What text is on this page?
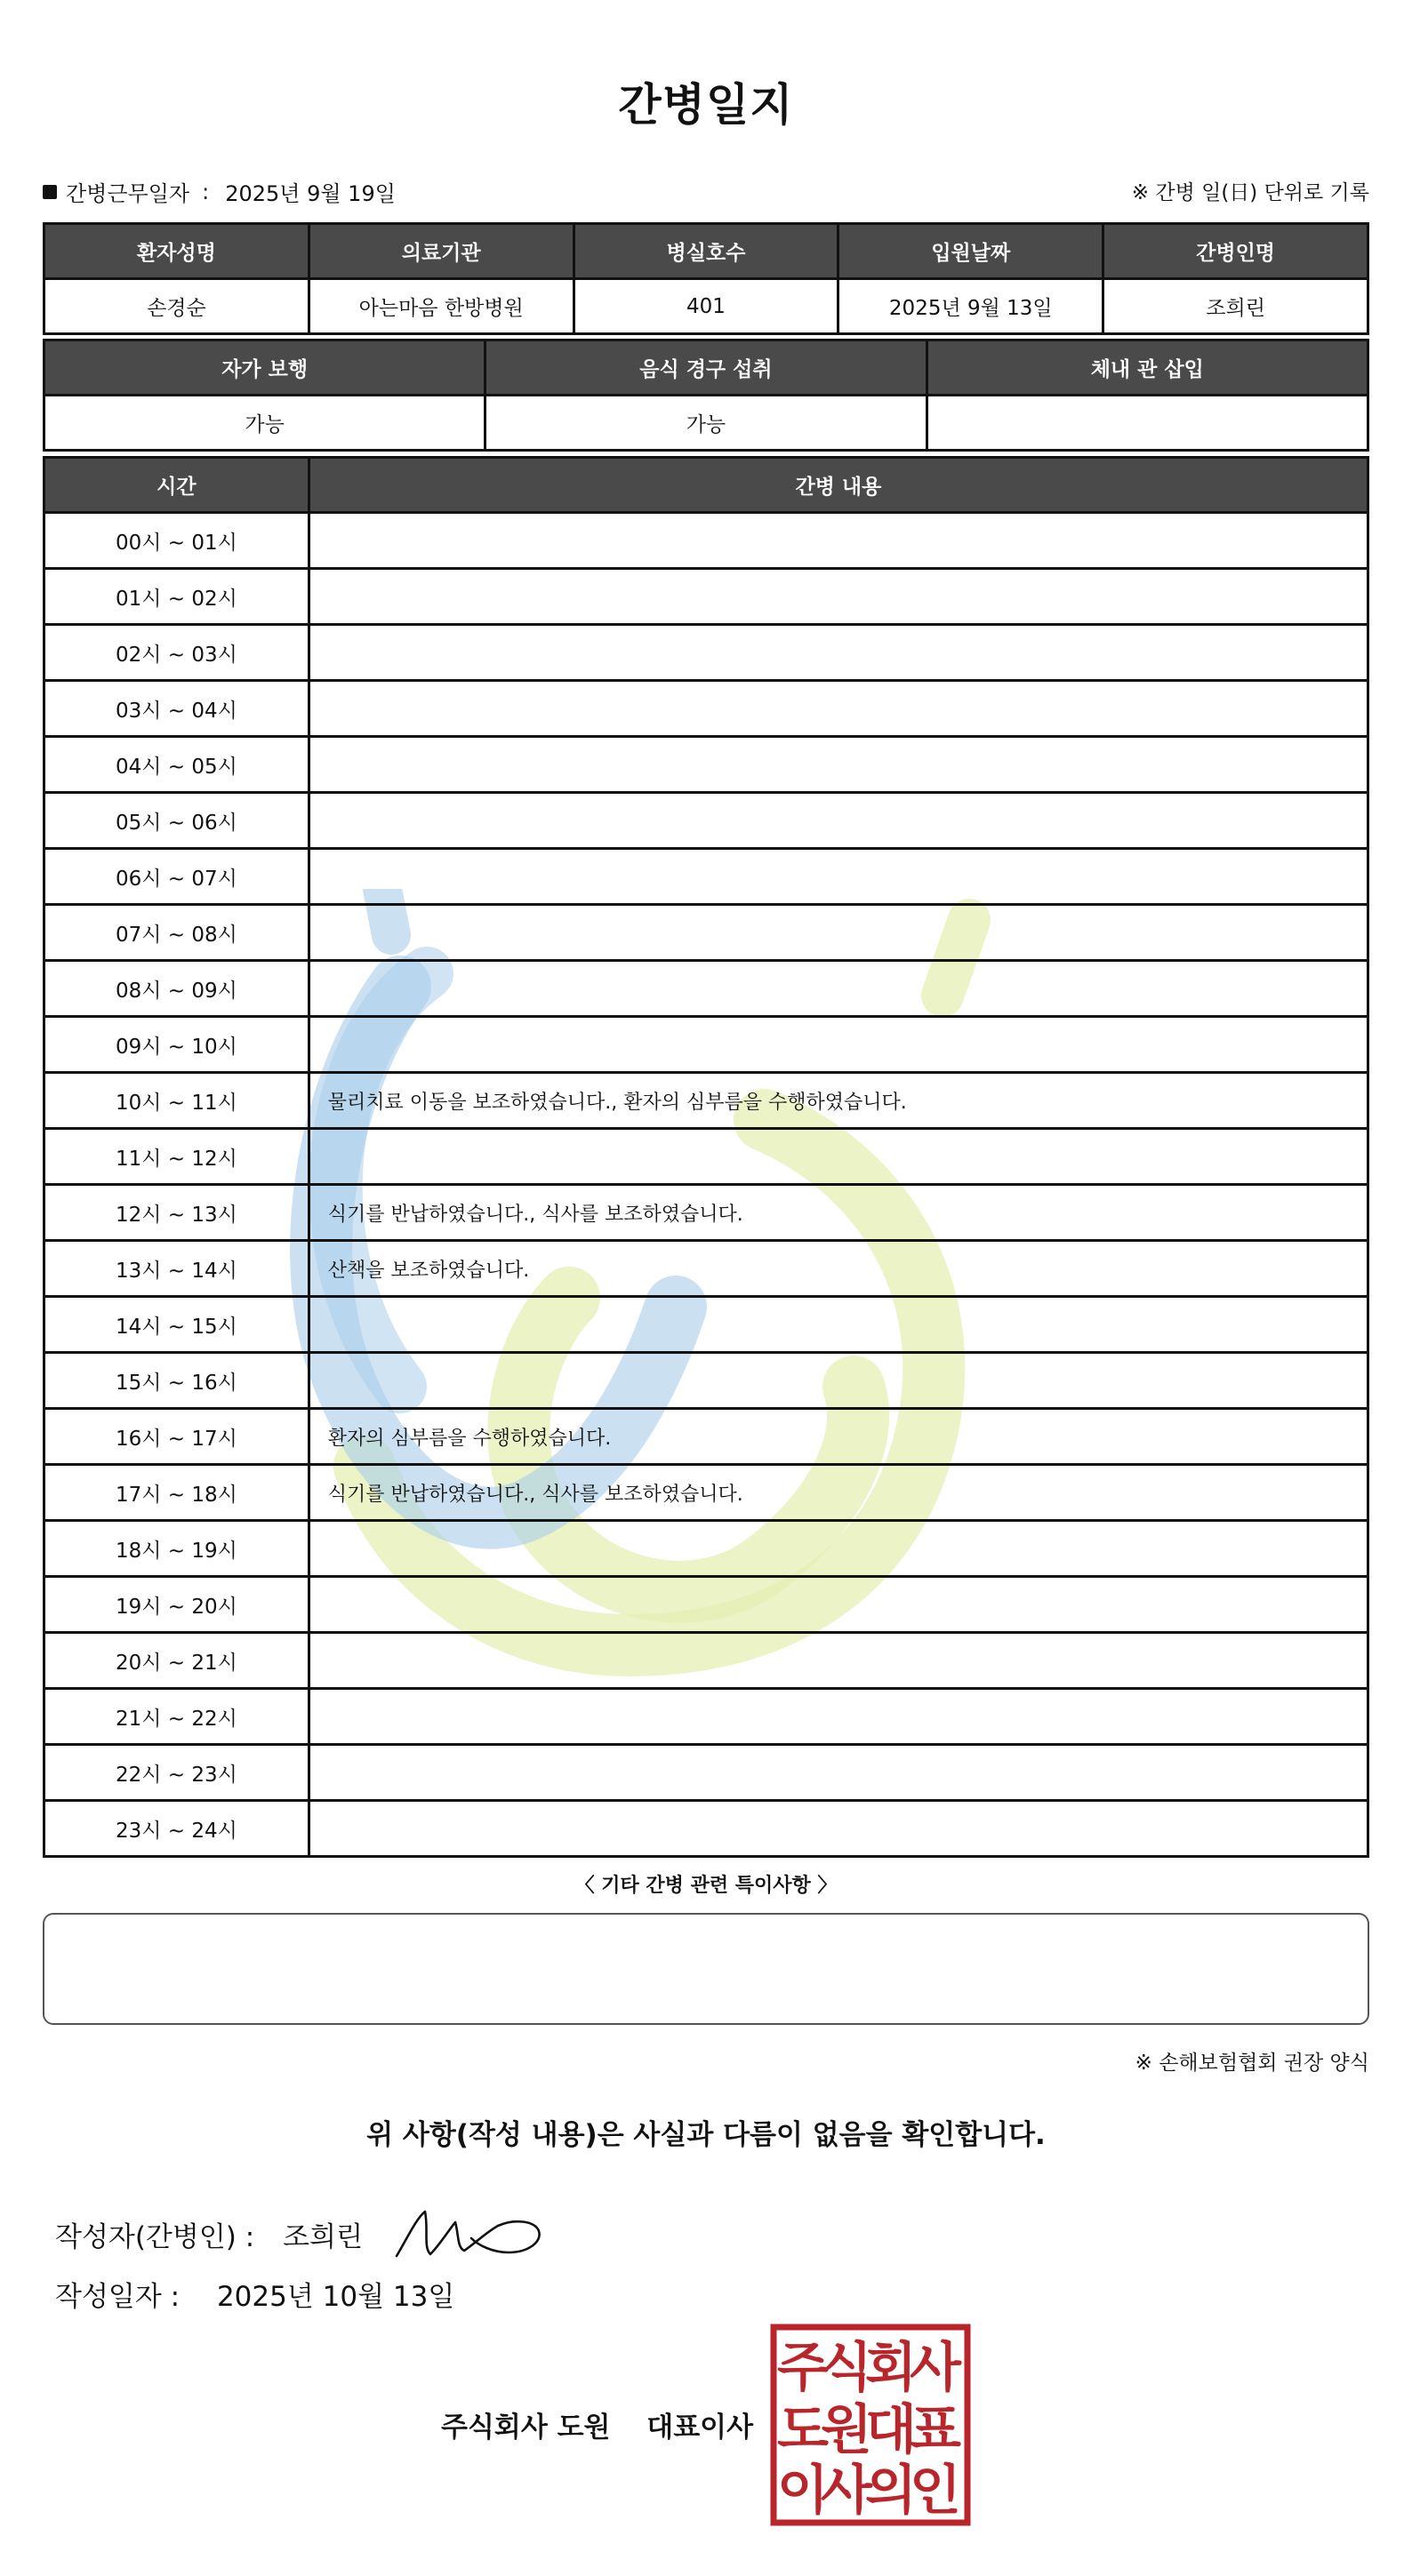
간병일지
간병근무일자 : 2025년 9월 19일	※ 간병 일(日) 단위로 기록
환자성명	의료기관	병실호수	입원날짜	간병인명
손경순	아는마음 한방병원	401	2025년 9월 13일	조희린
자가 보행	음식 경구 섭취	체내 관 삽입
가능	가능	
시간	간병 내용
00시 ~ 01시	
01시 ~ 02시	
02시 ~ 03시	
03시 ~ 04시	
04시 ~ 05시	
05시 ~ 06시	
06시 ~ 07시	
07시 ~ 08시	
08시 ~ 09시	
09시 ~ 10시	
10시 ~ 11시	물리치료 이동을 보조하였습니다., 환자의 심부름을 수행하였습니다.
11시 ~ 12시	
12시 ~ 13시	식기를 반납하였습니다., 식사를 보조하였습니다.
13시 ~ 14시	산책을 보조하였습니다.
14시 ~ 15시	
15시 ~ 16시	
16시 ~ 17시	환자의 심부름을 수행하였습니다.
17시 ~ 18시	식기를 반납하였습니다., 식사를 보조하였습니다.
18시 ~ 19시	
19시 ~ 20시	
20시 ~ 21시	
21시 ~ 22시	
22시 ~ 23시	
23시 ~ 24시	
〈 기타 간병 관련 특이사항 〉
※ 손해보험협회 권장 양식
위 사항(작성 내용)은 사실과 다름이 없음을 확인합니다.
작성자(간병인) : 조희린
작성일자 : 2025년 10월 13일
주식회사 도원 대표이사
주
식
회
사
도
원
대
표
이
사
의
인
